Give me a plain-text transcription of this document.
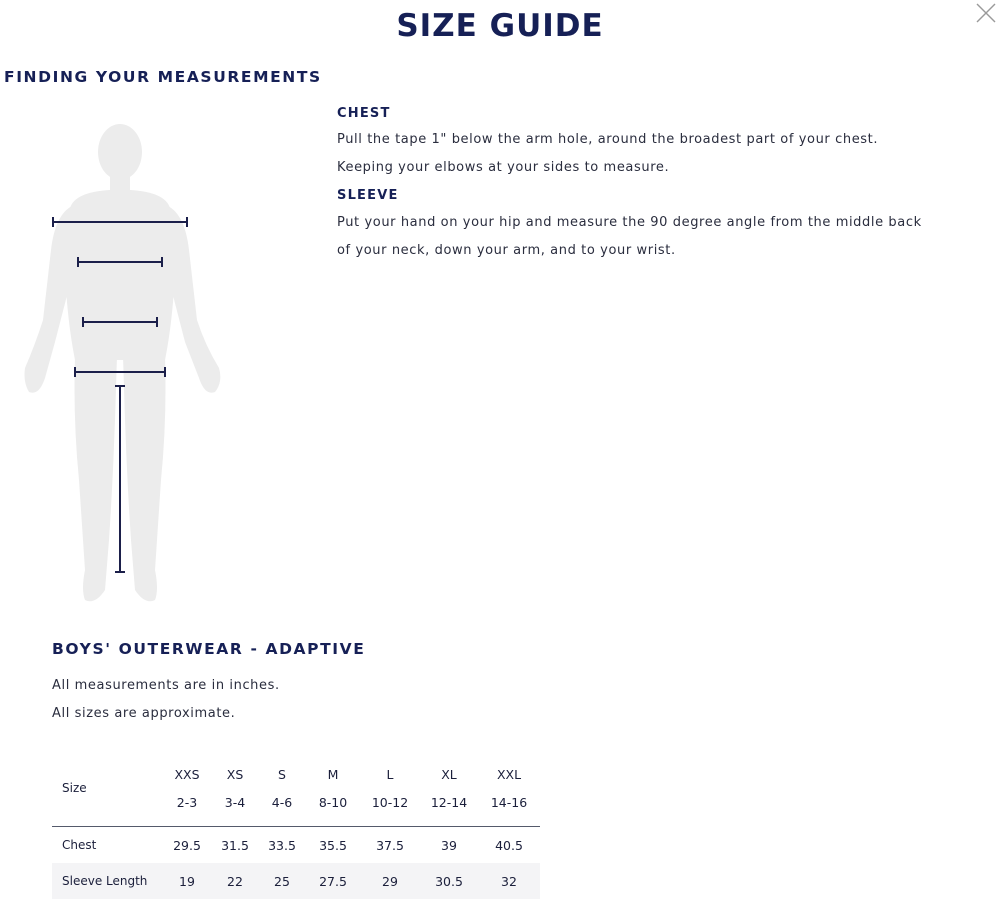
SIZE GUIDE
FINDING YOUR MEASUREMENTS
CHEST
Pull the tape 1" below the arm hole, around the broadest part of your chest.
Keeping your elbows at your sides to measure.
SLEEVE
Put your hand on your hip and measure the 90 degree angle from the middle back
of your neck, down your arm, and to your wrist.
BOYS' OUTERWEAR - ADAPTIVE
All measurements are in inches.
All sizes are approximate.
Size	XXS	XS	S	M	L	XL	XXL
	2-3	3-4	4-6	8-10	10-12	12-14	14-16

Chest	29.5	31.5	33.5	35.5	37.5	39	40.5
Sleeve Length	19	22	25	27.5	29	30.5	32
